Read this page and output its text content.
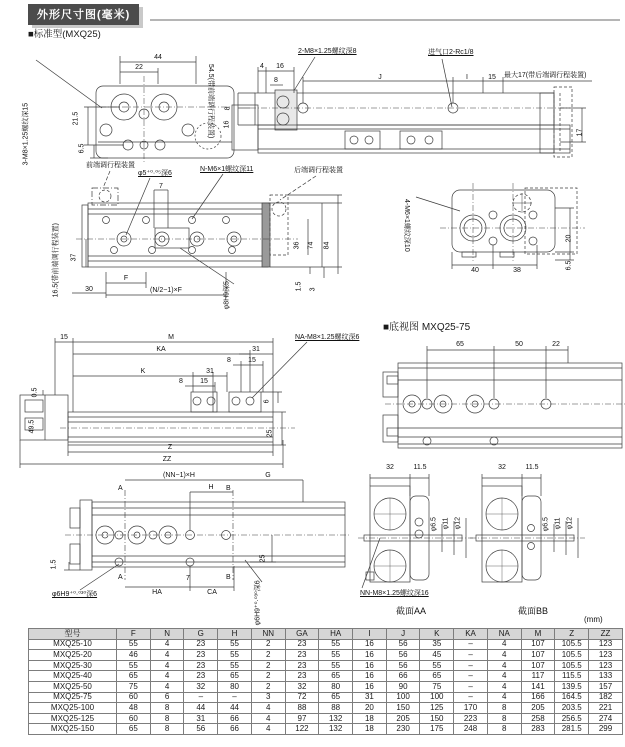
外形尺寸图(毫米)
■标准型(MXQ25)
■底视图 MXQ25-75
44
22
21.5
6.5
3-M8×1.25螺纹深15	54.5(带前端调行程装置)
2-M8×1.25螺纹深8	进气口2-Rc1/8
最大17(带后端调行程装置)
4 16
8	J	I	15
8
16
17
前端调行程装置
φ5⁺⁰·⁰⁵深6
N-M6×1螺纹深11	后端调行程装置
16.5(带前端调行程装置)
7
37
36 74 84
1.5 3
30
F
(N/2−1)×F	φ8H9深5
4-M6×1螺纹深10
40	38
20
6.5
15	M
KA	31
8 15
K	31
8 15
6
25
Z
ZZ
0.5
49.5
NA-M8×1.25螺纹深6
65	50	22
(NN−1)×H	G
H
A	B
A	B
HA	CA
7
25
1.5
φ6H9⁺⁰·⁰³⁰深6	φ6H9⁺⁰·⁰³⁰深6
32	11.5
φ6.5 φ11 φ12
NN-M8×1.25螺纹深16
32	11.5
φ6.5 φ11 φ12
截面AA	截面BB
(mm)
型号	F	N	G	H	NN	GA	HA	I	J	K	KA	NA	M	Z	ZZ
MXQ25-10	55	4	23	55	2	23	55	16	56	35	–	4	107	105.5	123
MXQ25-20	46	4	23	55	2	23	55	16	56	45	–	4	107	105.5	123
MXQ25-30	55	4	23	55	2	23	55	16	56	55	–	4	107	105.5	123
MXQ25-40	65	4	23	65	2	23	65	16	66	65	–	4	117	115.5	133
MXQ25-50	75	4	32	80	2	32	80	16	90	75	–	4	141	139.5	157
MXQ25-75	60	6	–	–	3	72	65	31	100	100	–	4	166	164.5	182
MXQ25-100	48	8	44	44	4	88	88	20	150	125	170	8	205	203.5	221
MXQ25-125	60	8	31	66	4	97	132	18	205	150	223	8	258	256.5	274
MXQ25-150	65	8	56	66	4	122	132	18	230	175	248	8	283	281.5	299
